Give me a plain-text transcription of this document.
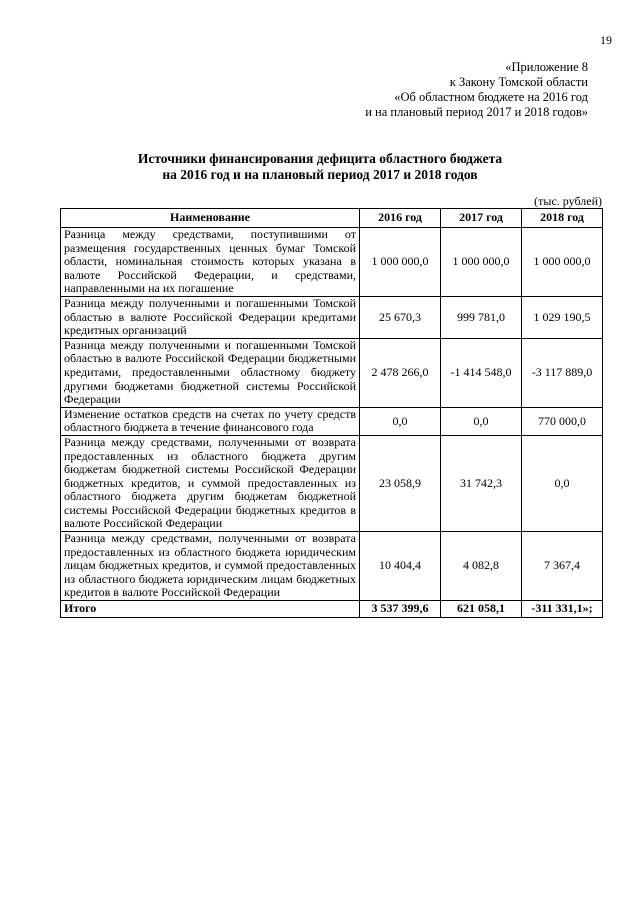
19
«Приложение 8
к Закону Томской области
«Об областном бюджете на 2016 год
и на плановый период 2017 и 2018 годов»
Источники финансирования дефицита областного бюджета
на 2016 год и на плановый период 2017 и 2018 годов
(тыс. рублей)
Наименование	2016 год	2017 год	2018 год
Разница между средствами, поступившими от размещения государственных ценных бумаг Томской области, номинальная стоимость которых указана в валюте Российской Федерации, и средствами, направленными на их погашение	1 000 000,0	1 000 000,0	1 000 000,0
Разница между полученными и погашенными Томской областью в валюте Российской Федерации кредитами кредитных организаций	25 670,3	999 781,0	1 029 190,5
Разница между полученными и погашенными Томской областью в валюте Российской Федерации бюджетными кредитами, предоставленными областному бюджету другими бюджетами бюджетной системы Российской Федерации	2 478 266,0	-1 414 548,0	-3 117 889,0
Изменение остатков средств на счетах по учету средств областного бюджета в течение финансового года	0,0	0,0	770 000,0
Разница между средствами, полученными от возврата предоставленных из областного бюджета другим бюджетам бюджетной системы Российской Федерации бюджетных кредитов, и суммой предоставленных из областного бюджета другим бюджетам бюджетной системы Российской Федерации бюджетных кредитов в валюте Российской Федерации	23 058,9	31 742,3	0,0
Разница между средствами, полученными от возврата предоставленных из областного бюджета юридическим лицам бюджетных кредитов, и суммой предоставленных из областного бюджета юридическим лицам бюджетных кредитов в валюте Российской Федерации	10 404,4	4 082,8	7 367,4
Итого	3 537 399,6	621 058,1	-311 331,1»;
